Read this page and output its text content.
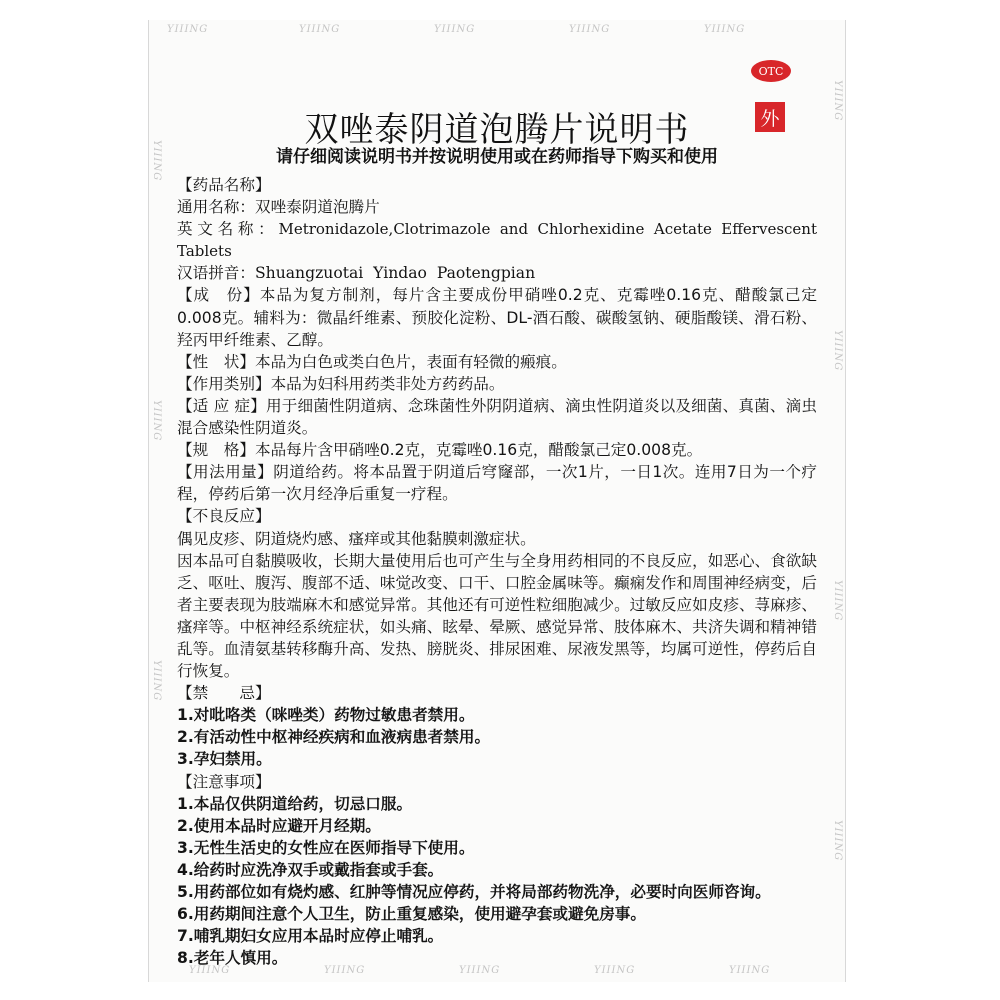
YIIING	YIIING	YIIING	YIIING	YIIING
YIIING	YIIING	YIIING	YIIING	YIIING
YIIING
YIIING
YIIING
YIIING
YIIING
YIIING
YIIING
OTC
外
双唑泰阴道泡腾片说明书
请仔细阅读说明书并按说明使用或在药师指导下购买和使用

【药品名称】

通用名称：双唑泰阴道泡腾片

英文名称：Metronidazole,Clotrimazole and Chlorhexidine Acetate Effervescent Tablets

汉语拼音：Shuangzuotai  Yindao  Paotengpian

【成　份】本品为复方制剂，每片含主要成份甲硝唑0.2克、克霉唑0.16克、醋酸氯己定0.008克。辅料为：微晶纤维素、预胶化淀粉、DL-酒石酸、碳酸氢钠、硬脂酸镁、滑石粉、羟丙甲纤维素、乙醇。

【性　状】本品为白色或类白色片，表面有轻微的瘢痕。

【作用类别】本品为妇科用药类非处方药药品。

【适 应 症】用于细菌性阴道病、念珠菌性外阴阴道病、滴虫性阴道炎以及细菌、真菌、滴虫混合感染性阴道炎。

【规　格】本品每片含甲硝唑0.2克，克霉唑0.16克，醋酸氯己定0.008克。

【用法用量】阴道给药。将本品置于阴道后穹窿部，一次1片，一日1次。连用7日为一个疗程，停药后第一次月经净后重复一疗程。

【不良反应】

偶见皮疹、阴道烧灼感、瘙痒或其他黏膜刺激症状。

因本品可自黏膜吸收，长期大量使用后也可产生与全身用药相同的不良反应，如恶心、食欲缺乏、呕吐、腹泻、腹部不适、味觉改变、口干、口腔金属味等。癫痫发作和周围神经病变，后者主要表现为肢端麻木和感觉异常。其他还有可逆性粒细胞减少。过敏反应如皮疹、荨麻疹、瘙痒等。中枢神经系统症状，如头痛、眩晕、晕厥、感觉异常、肢体麻木、共济失调和精神错乱等。血清氨基转移酶升高、发热、膀胱炎、排尿困难、尿液发黑等，均属可逆性，停药后自行恢复。

【禁　　忌】

1.对吡咯类（咪唑类）药物过敏患者禁用。

2.有活动性中枢神经疾病和血液病患者禁用。

3.孕妇禁用。

【注意事项】

1.本品仅供阴道给药，切忌口服。

2.使用本品时应避开月经期。

3.无性生活史的女性应在医师指导下使用。

4.给药时应洗净双手或戴指套或手套。

5.用药部位如有烧灼感、红肿等情况应停药，并将局部药物洗净，必要时向医师咨询。

6.用药期间注意个人卫生，防止重复感染，使用避孕套或避免房事。

7.哺乳期妇女应用本品时应停止哺乳。

8.老年人慎用。
